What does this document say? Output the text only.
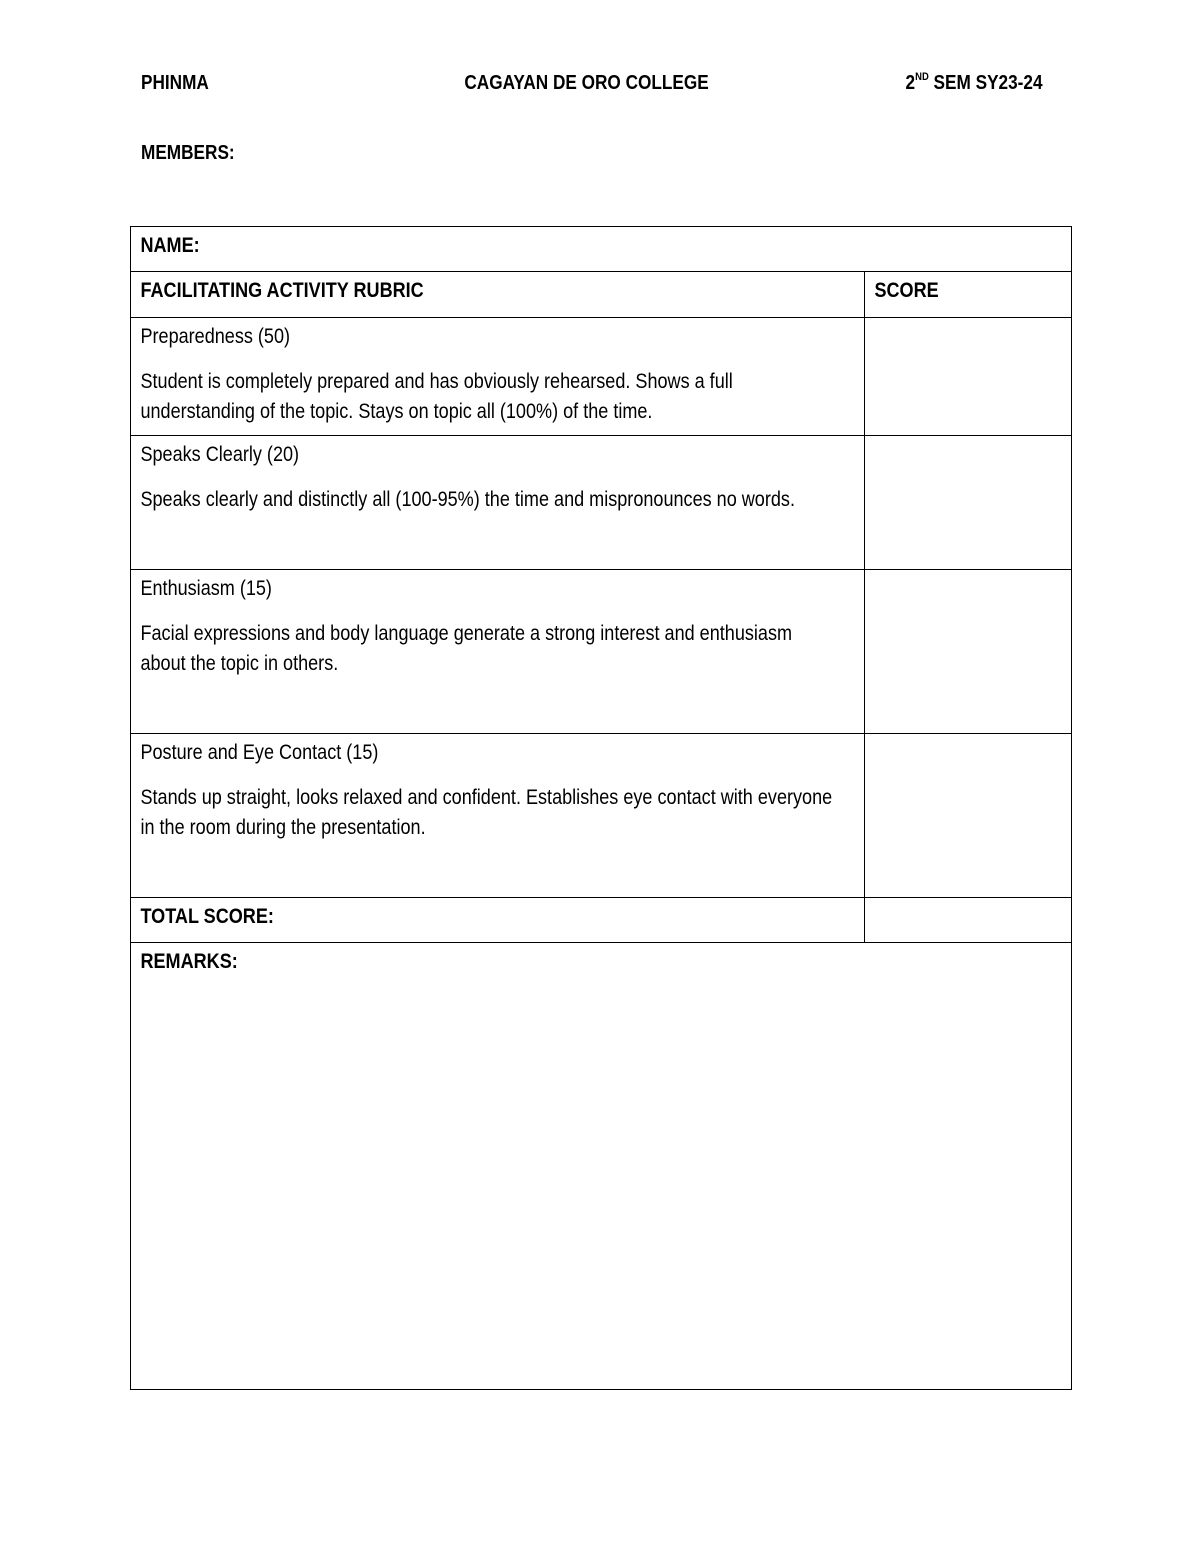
PHINMA	CAGAYAN DE ORO COLLEGE	2ND SEM SY23-24
MEMBERS:
NAME:	

FACILITATING ACTIVITY RUBRIC	SCORE

Preparedness (50)

Student is completely prepared and has obviously rehearsed. Shows a full understanding of the topic. Stays on topic all (100%) of the time.	

Speaks Clearly (20)

Speaks clearly and distinctly all (100-95%) the time and mispronounces no words.	

Enthusiasm (15)

Facial expressions and body language generate a strong interest and enthusiasm about the topic in others.	

Posture and Eye Contact (15)

Stands up straight, looks relaxed and confident. Establishes eye contact with everyone in the room during the presentation.	

TOTAL SCORE:	

REMARKS:	
